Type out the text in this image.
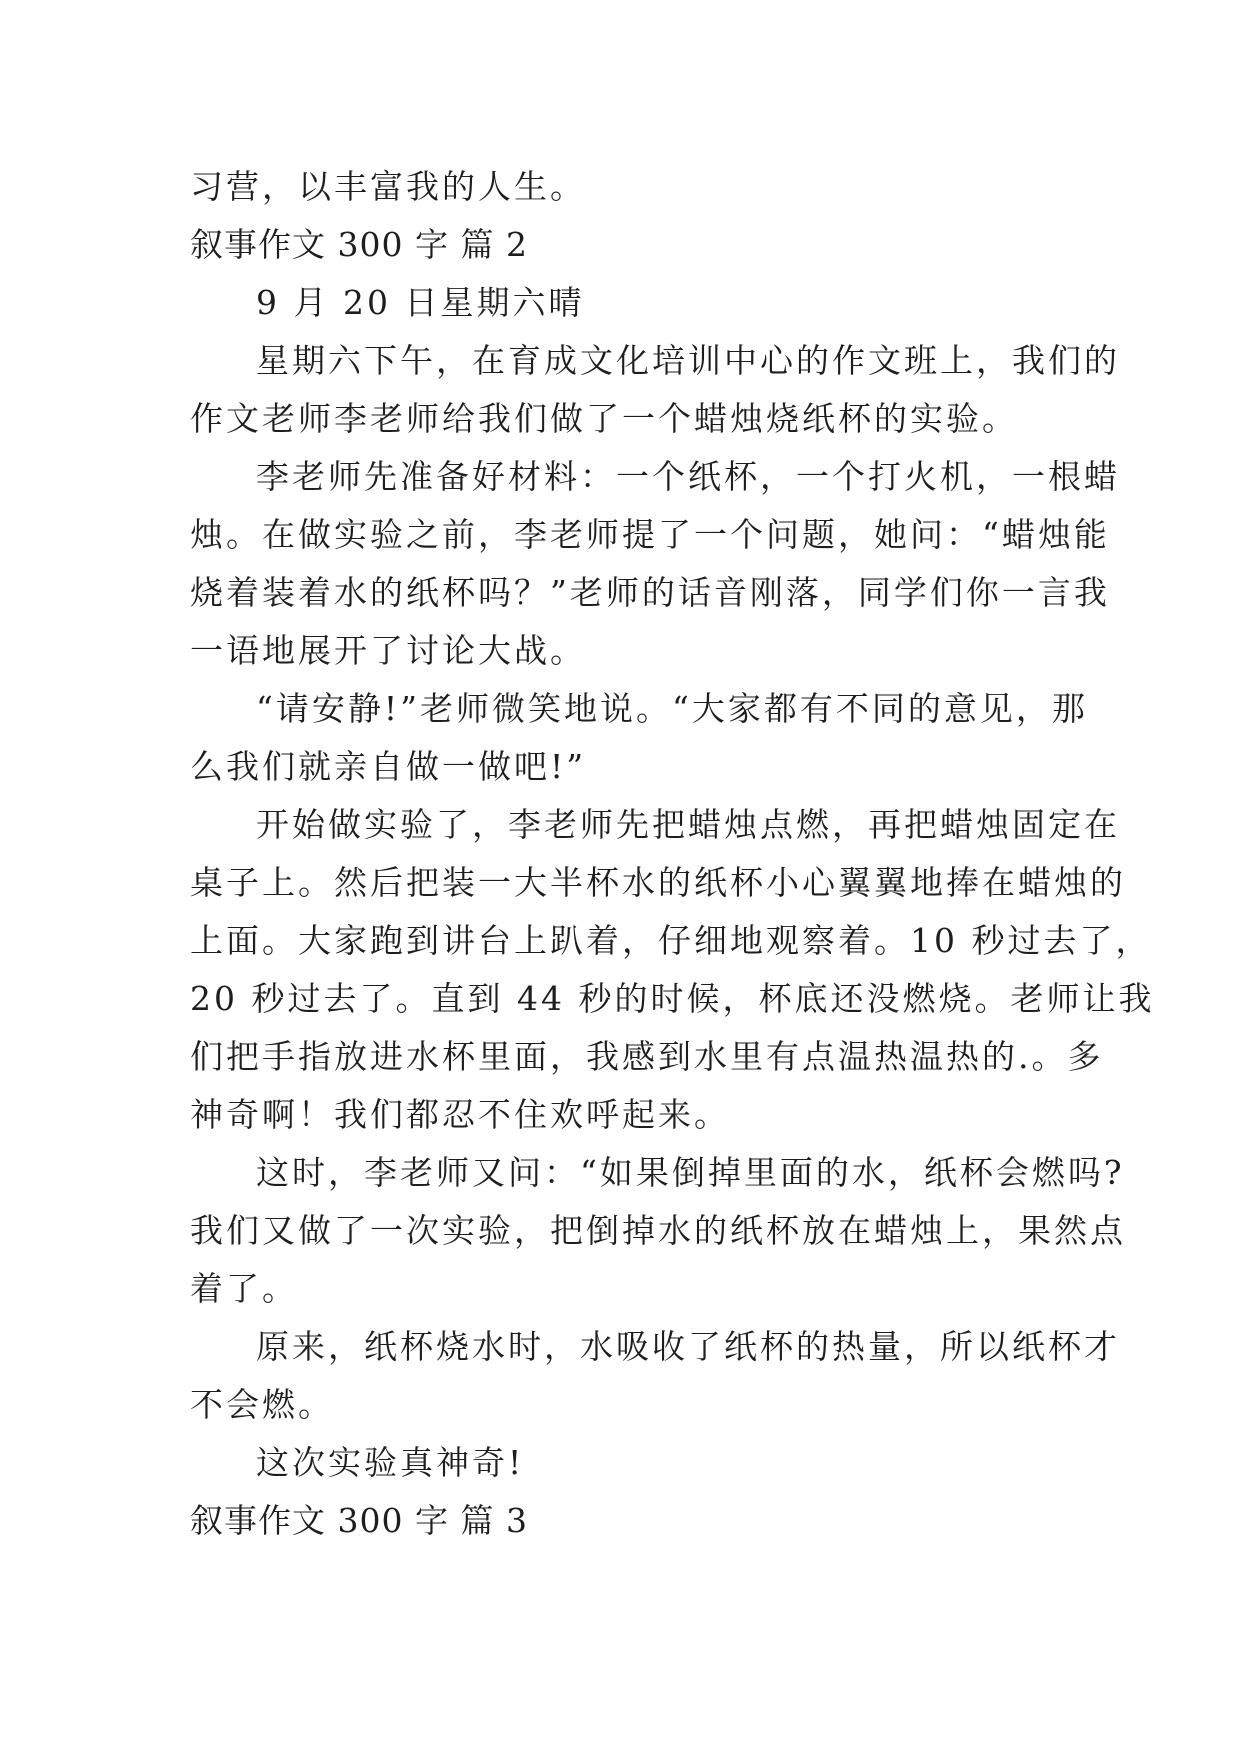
习营，以丰富我的人生。
叙事作文 300 字 篇 2
9 月 20 日星期六晴
星期六下午，在育成文化培训中心的作文班上，我们的
作文老师李老师给我们做了一个蜡烛烧纸杯的实验。
李老师先准备好材料：一个纸杯，一个打火机，一根蜡
烛。在做实验之前，李老师提了一个问题，她问：“蜡烛能
烧着装着水的纸杯吗？”老师的话音刚落，同学们你一言我
一语地展开了讨论大战。
“请安静!”老师微笑地说。“大家都有不同的意见，那
么我们就亲自做一做吧!”
开始做实验了，李老师先把蜡烛点燃，再把蜡烛固定在
桌子上。然后把装一大半杯水的纸杯小心翼翼地捧在蜡烛的
上面。大家跑到讲台上趴着，仔细地观察着。10 秒过去了，
20 秒过去了。直到 44 秒的时候，杯底还没燃烧。老师让我
们把手指放进水杯里面，我感到水里有点温热温热的.。多
神奇啊！我们都忍不住欢呼起来。
这时，李老师又问：“如果倒掉里面的水，纸杯会燃吗?
我们又做了一次实验，把倒掉水的纸杯放在蜡烛上，果然点
着了。
原来，纸杯烧水时，水吸收了纸杯的热量，所以纸杯才
不会燃。
这次实验真神奇!
叙事作文 300 字 篇 3
